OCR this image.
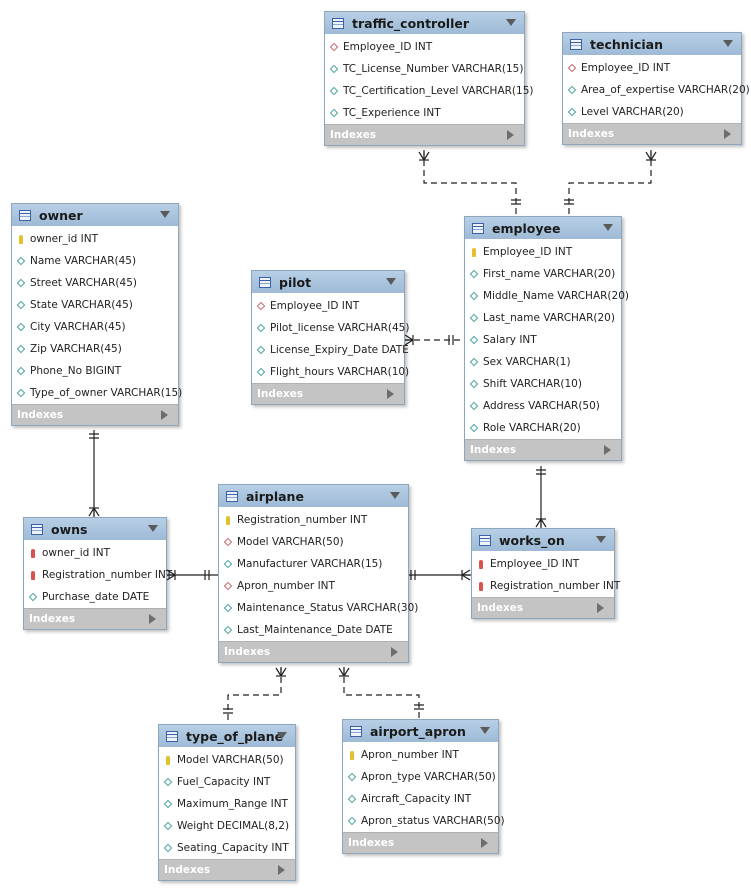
traffic_controller
Employee_ID INT
TC_License_Number VARCHAR(15)
TC_Certification_Level VARCHAR(15)
TC_Experience INT
Indexes
technician
Employee_ID INT
Area_of_expertise VARCHAR(20)
Level VARCHAR(20)
Indexes
owner
owner_id INT
Name VARCHAR(45)
Street VARCHAR(45)
State VARCHAR(45)
City VARCHAR(45)
Zip VARCHAR(45)
Phone_No BIGINT
Type_of_owner VARCHAR(15)
Indexes
pilot
Employee_ID INT
Pilot_license VARCHAR(45)
License_Expiry_Date DATE
Flight_hours VARCHAR(10)
Indexes
employee
Employee_ID INT
First_name VARCHAR(20)
Middle_Name VARCHAR(20)
Last_name VARCHAR(20)
Salary INT
Sex VARCHAR(1)
Shift VARCHAR(10)
Address VARCHAR(50)
Role VARCHAR(20)
Indexes
owns
owner_id INT
Registration_number INT
Purchase_date DATE
Indexes
airplane
Registration_number INT
Model VARCHAR(50)
Manufacturer VARCHAR(15)
Apron_number INT
Maintenance_Status VARCHAR(30)
Last_Maintenance_Date DATE
Indexes
works_on
Employee_ID INT
Registration_number INT
Indexes
type_of_plane
Model VARCHAR(50)
Fuel_Capacity INT
Maximum_Range INT
Weight DECIMAL(8,2)
Seating_Capacity INT
Indexes
airport_apron
Apron_number INT
Apron_type VARCHAR(50)
Aircraft_Capacity INT
Apron_status VARCHAR(50)
Indexes
